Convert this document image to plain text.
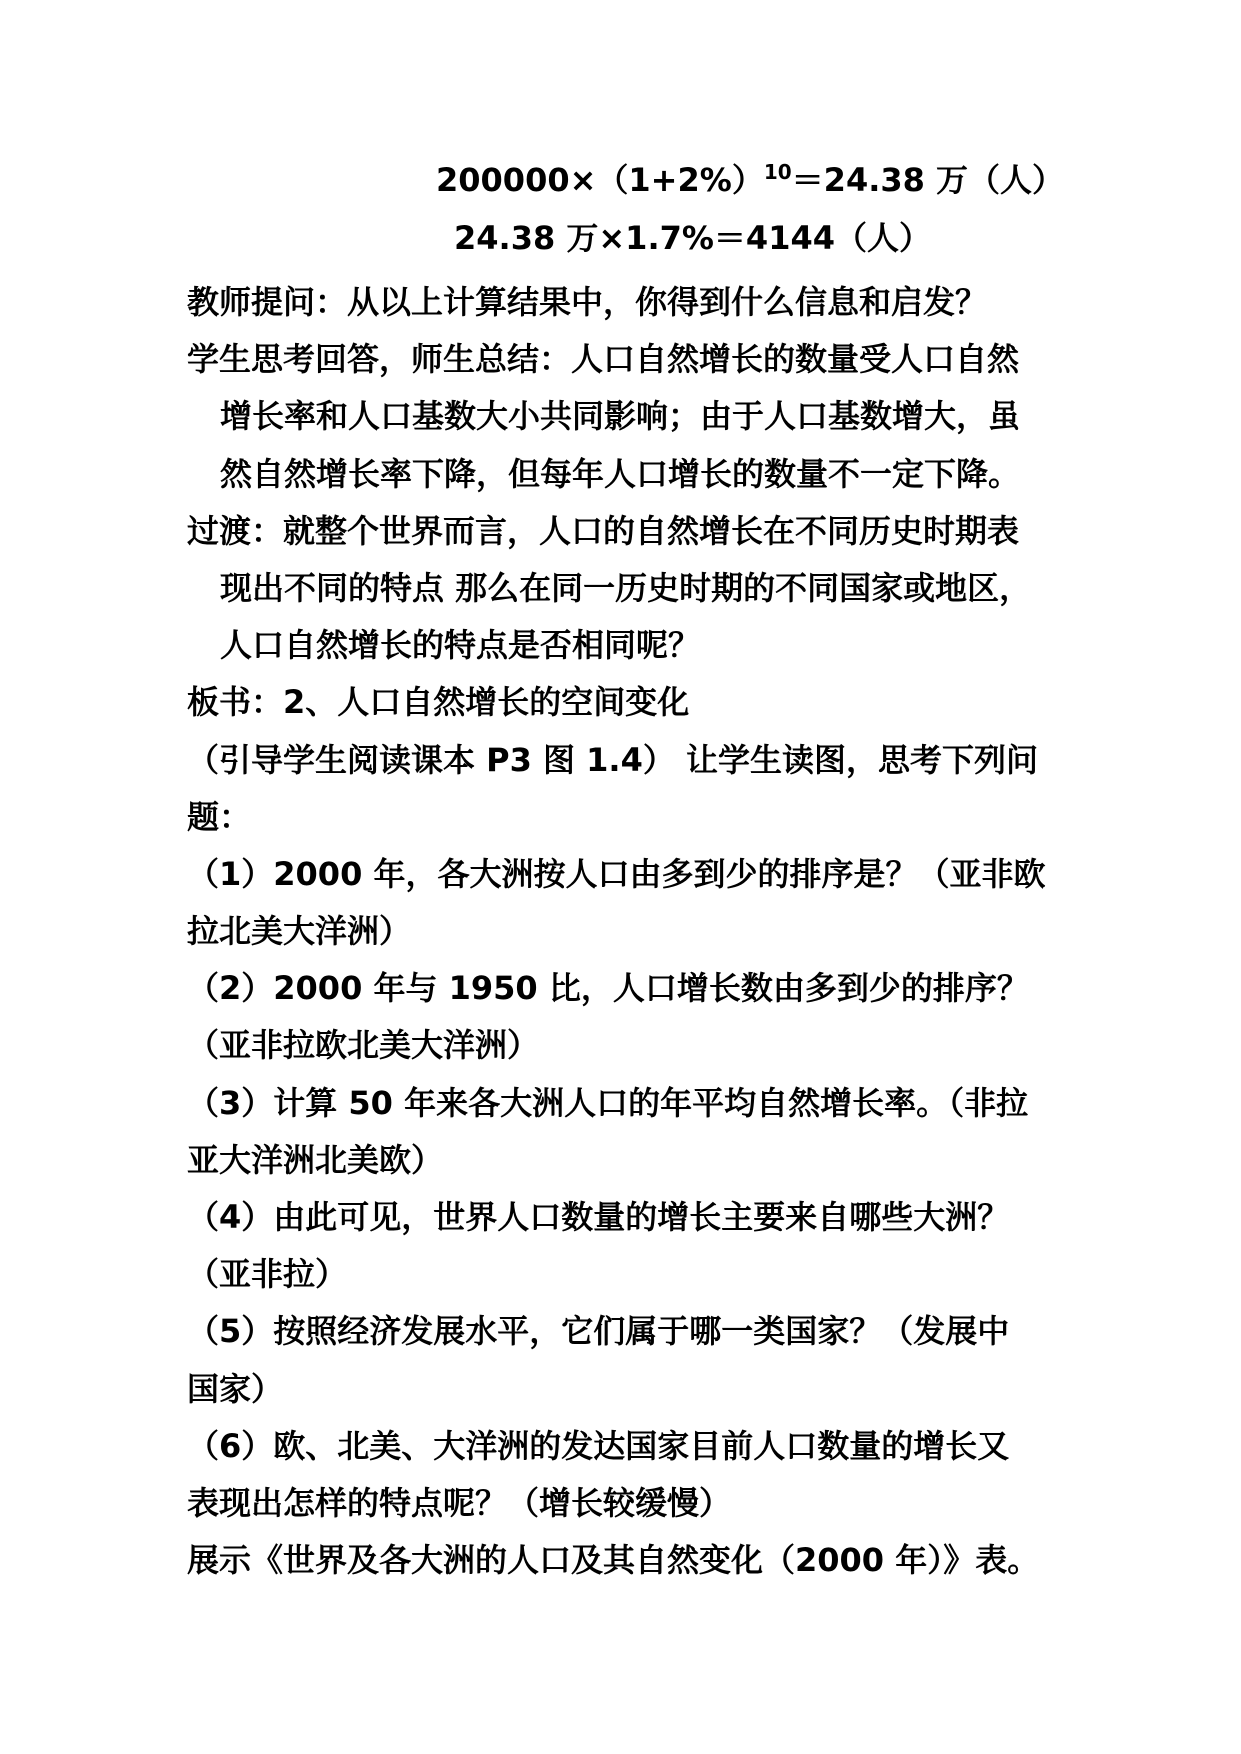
$200000\times(1+2\%)^{10}=24.38$ 万（人）
24.38 万×1.7%＝4144（人）
教师提问：从以上计算结果中，你得到什么信息和启发？
学生思考回答，师生总结：人口自然增长的数量受人口自然
增长率和人口基数大小共同影响；由于人口基数增大，虽
然自然增长率下降，但每年人口增长的数量不一定下降。
过渡：就整个世界而言，人口的自然增长在不同历史时期表
现出不同的特点 那么在同一历史时期的不同国家或地区，
人口自然增长的特点是否相同呢？
板书：2、人口自然增长的空间变化
（引导学生阅读课本 P3 图 1.4） 让学生读图，思考下列问
题：
（1）2000 年，各大洲按人口由多到少的排序是？（亚非欧
拉北美大洋洲）
（2）2000 年与 1950 比，人口增长数由多到少的排序？
（亚非拉欧北美大洋洲）
（3）计算 50 年来各大洲人口的年平均自然增长率。（非拉
亚大洋洲北美欧）
（4）由此可见，世界人口数量的增长主要来自哪些大洲？
（亚非拉）
（5）按照经济发展水平，它们属于哪一类国家？（发展中
国家）
（6）欧、北美、大洋洲的发达国家目前人口数量的增长又
表现出怎样的特点呢？（增长较缓慢）
展示《世界及各大洲的人口及其自然变化（2000 年）》表。
